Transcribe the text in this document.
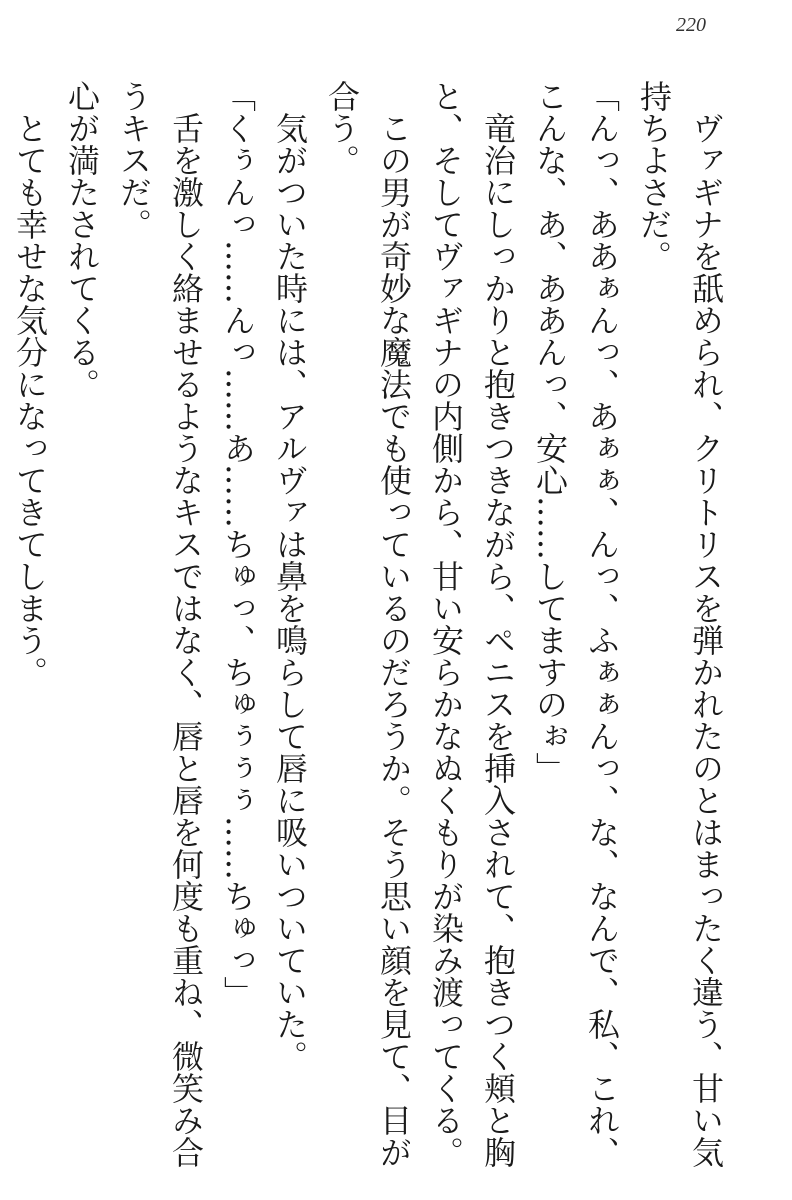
220

ヴァギナを舐められ、クリトリスを弾かれたのとはまったく違う、甘い気持ちよさだ。

「んっ、ああぁんっ、あぁぁ、んっ、ふぁぁんっ、な、なんで、私、これ、こんな、あ、ああんっ、安心……してますのぉ」

竜治にしっかりと抱きつきながら、ペニスを挿入されて、抱きつく頬と胸と、そしてヴァギナの内側から、甘い安らかなぬくもりが染み渡ってくる。

この男が奇妙な魔法でも使っているのだろうか。そう思い顔を見て、目が合う。

気がついた時には、アルヴァは鼻を鳴らして唇に吸いついていた。

「くぅんっ……んっ……あ……ちゅっ、ちゅぅぅぅ……ちゅっ」

舌を激しく絡ませるようなキスではなく、唇と唇を何度も重ね、微笑み合うキスだ。

心が満たされてくる。

とても幸せな気分になってきてしまう。
